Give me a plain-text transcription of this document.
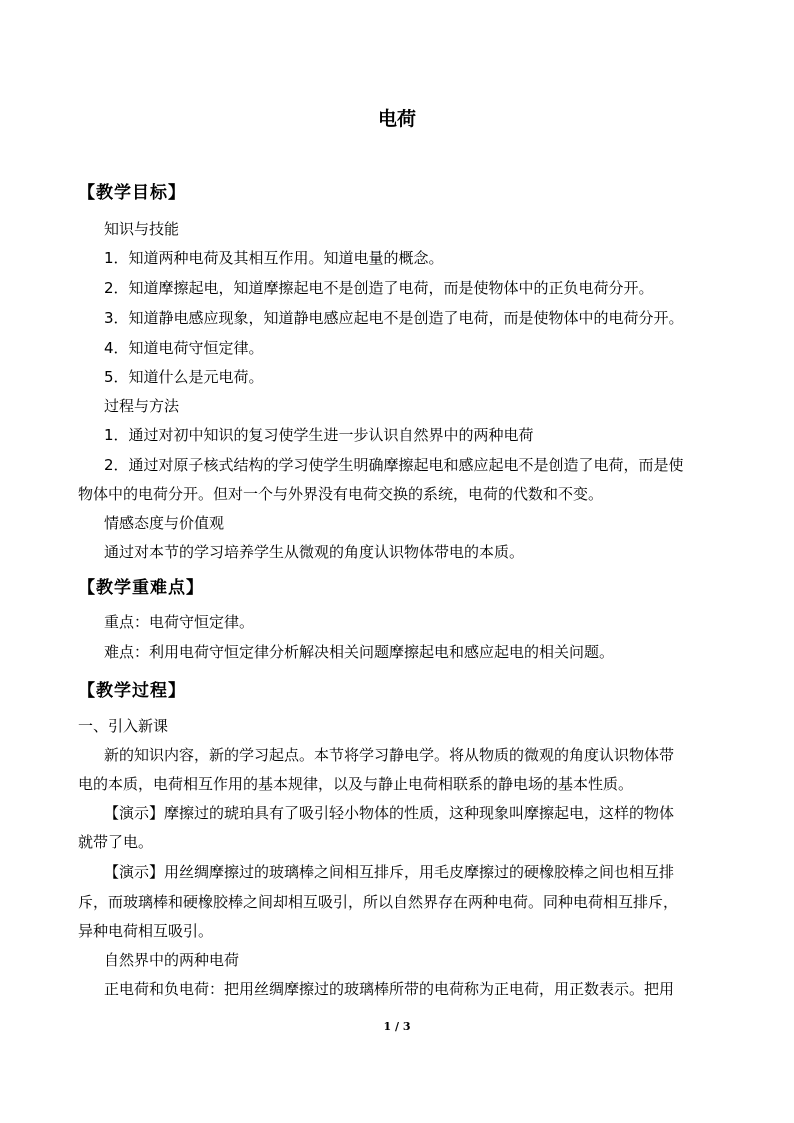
电荷
【教学目标】
知识与技能
1．知道两种电荷及其相互作用。知道电量的概念。
2．知道摩擦起电，知道摩擦起电不是创造了电荷，而是使物体中的正负电荷分开。
3．知道静电感应现象，知道静电感应起电不是创造了电荷，而是使物体中的电荷分开。
4．知道电荷守恒定律。
5．知道什么是元电荷。
过程与方法
1．通过对初中知识的复习使学生进一步认识自然界中的两种电荷
2．通过对原子核式结构的学习使学生明确摩擦起电和感应起电不是创造了电荷，而是使
物体中的电荷分开。但对一个与外界没有电荷交换的系统，电荷的代数和不变。
情感态度与价值观
通过对本节的学习培养学生从微观的角度认识物体带电的本质。
【教学重难点】
重点：电荷守恒定律。
难点：利用电荷守恒定律分析解决相关问题摩擦起电和感应起电的相关问题。
【教学过程】
一、引入新课
新的知识内容，新的学习起点。本节将学习静电学。将从物质的微观的角度认识物体带
电的本质，电荷相互作用的基本规律，以及与静止电荷相联系的静电场的基本性质。
【演示】摩擦过的琥珀具有了吸引轻小物体的性质，这种现象叫摩擦起电，这样的物体
就带了电。
【演示】用丝绸摩擦过的玻璃棒之间相互排斥，用毛皮摩擦过的硬橡胶棒之间也相互排
斥，而玻璃棒和硬橡胶棒之间却相互吸引，所以自然界存在两种电荷。同种电荷相互排斥，
异种电荷相互吸引。
自然界中的两种电荷
正电荷和负电荷：把用丝绸摩擦过的玻璃棒所带的电荷称为正电荷，用正数表示。把用
1 / 3
